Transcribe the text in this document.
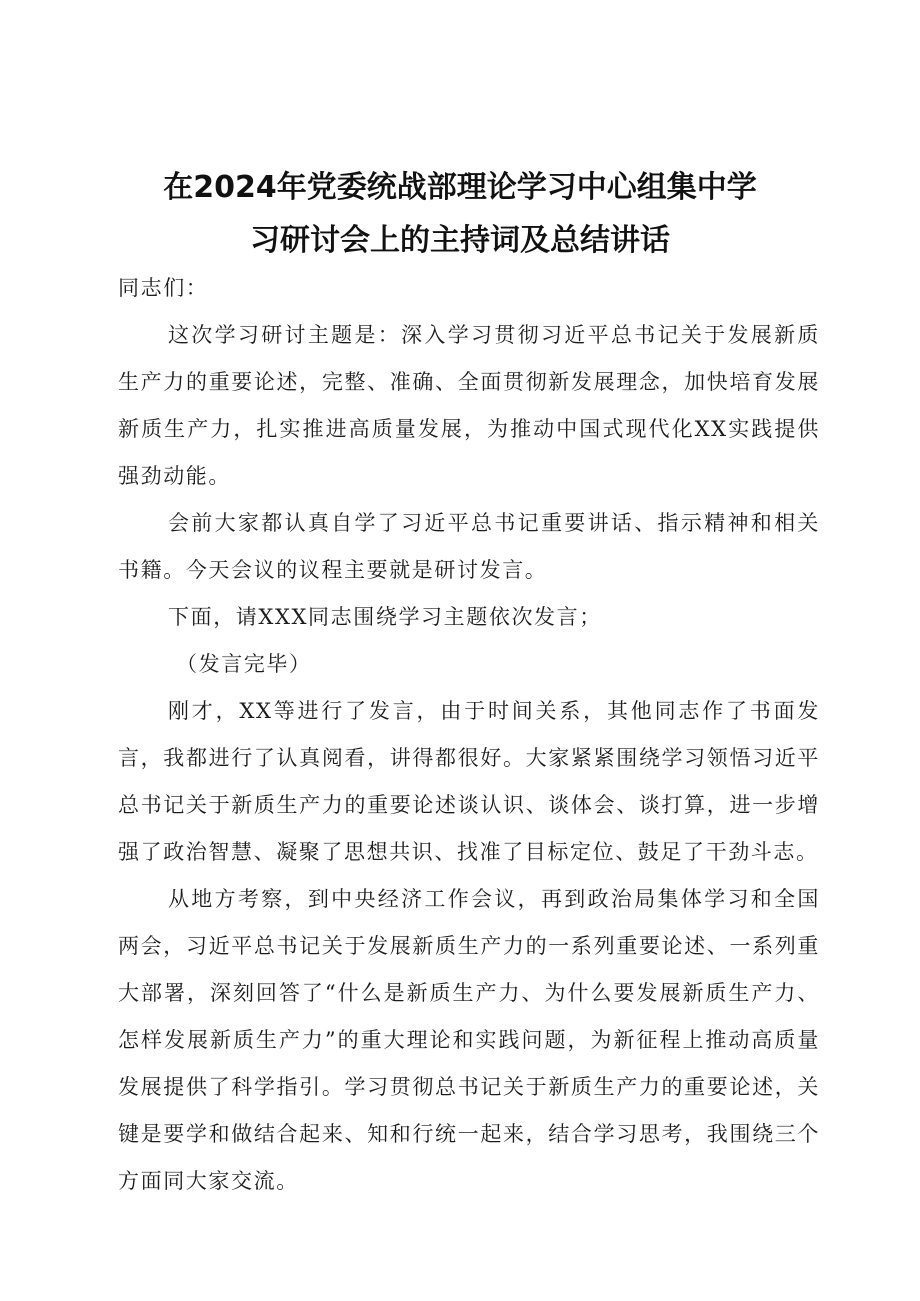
在2024年党委统战部理论学习中心组集中学
习研讨会上的主持词及总结讲话

同志们：

这次学习研讨主题是：深入学习贯彻习近平总书记关于发展新质生产力的重要论述，完整、准确、全面贯彻新发展理念，加快培育发展新质生产力，扎实推进高质量发展，为推动中国式现代化XX实践提供强劲动能。

会前大家都认真自学了习近平总书记重要讲话、指示精神和相关书籍。今天会议的议程主要就是研讨发言。

下面，请XXX同志围绕学习主题依次发言；

（发言完毕）

刚才，XX等进行了发言，由于时间关系，其他同志作了书面发言，我都进行了认真阅看，讲得都很好。大家紧紧围绕学习领悟习近平总书记关于新质生产力的重要论述谈认识、谈体会、谈打算，进一步增强了政治智慧、凝聚了思想共识、找准了目标定位、鼓足了干劲斗志。

从地方考察，到中央经济工作会议，再到政治局集体学习和全国两会，习近平总书记关于发展新质生产力的一系列重要论述、一系列重大部署，深刻回答了“什么是新质生产力、为什么要发展新质生产力、怎样发展新质生产力”的重大理论和实践问题，为新征程上推动高质量发展提供了科学指引。学习贯彻总书记关于新质生产力的重要论述，关键是要学和做结合起来、知和行统一起来，结合学习思考，我围绕三个方面同大家交流。
